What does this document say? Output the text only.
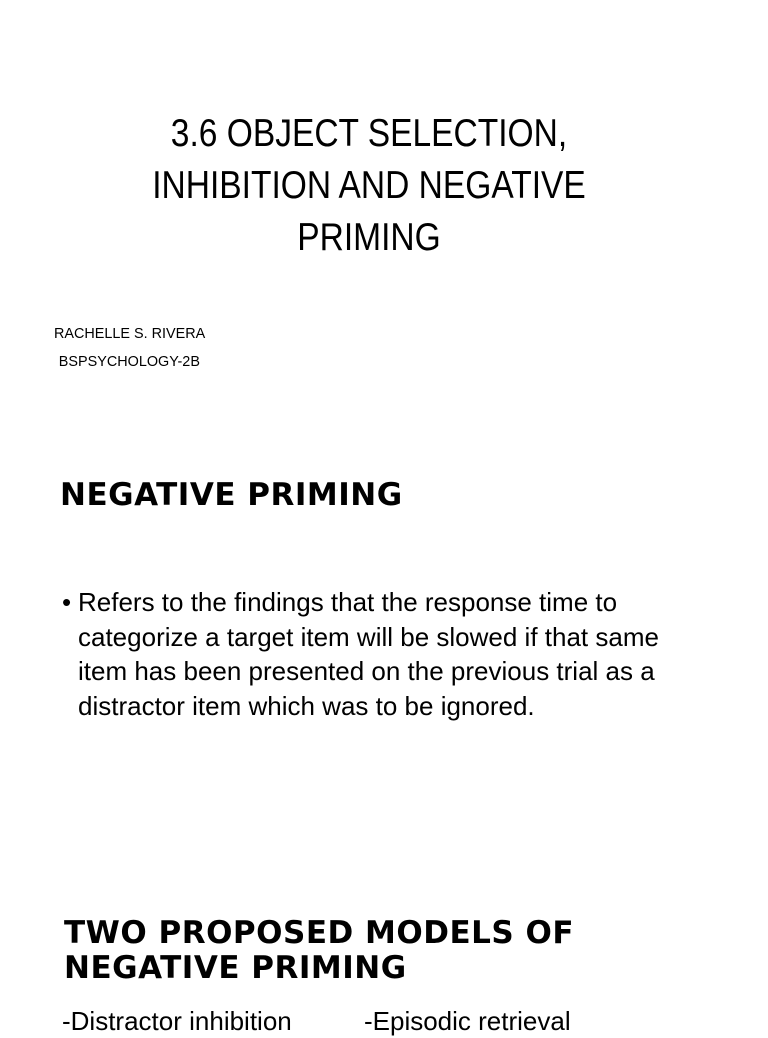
3.6 OBJECT SELECTION,
INHIBITION AND NEGATIVE
PRIMING
RACHELLE S. RIVERA
BSPSYCHOLOGY-2B
NEGATIVE PRIMING
• Refers to the findings that the response time to categorize a target item will be slowed if that same item has been presented on the previous trial as a distractor item which was to be ignored.
TWO PROPOSED MODELS OF
NEGATIVE PRIMING
-Distractor inhibition          -Episodic retrieval
